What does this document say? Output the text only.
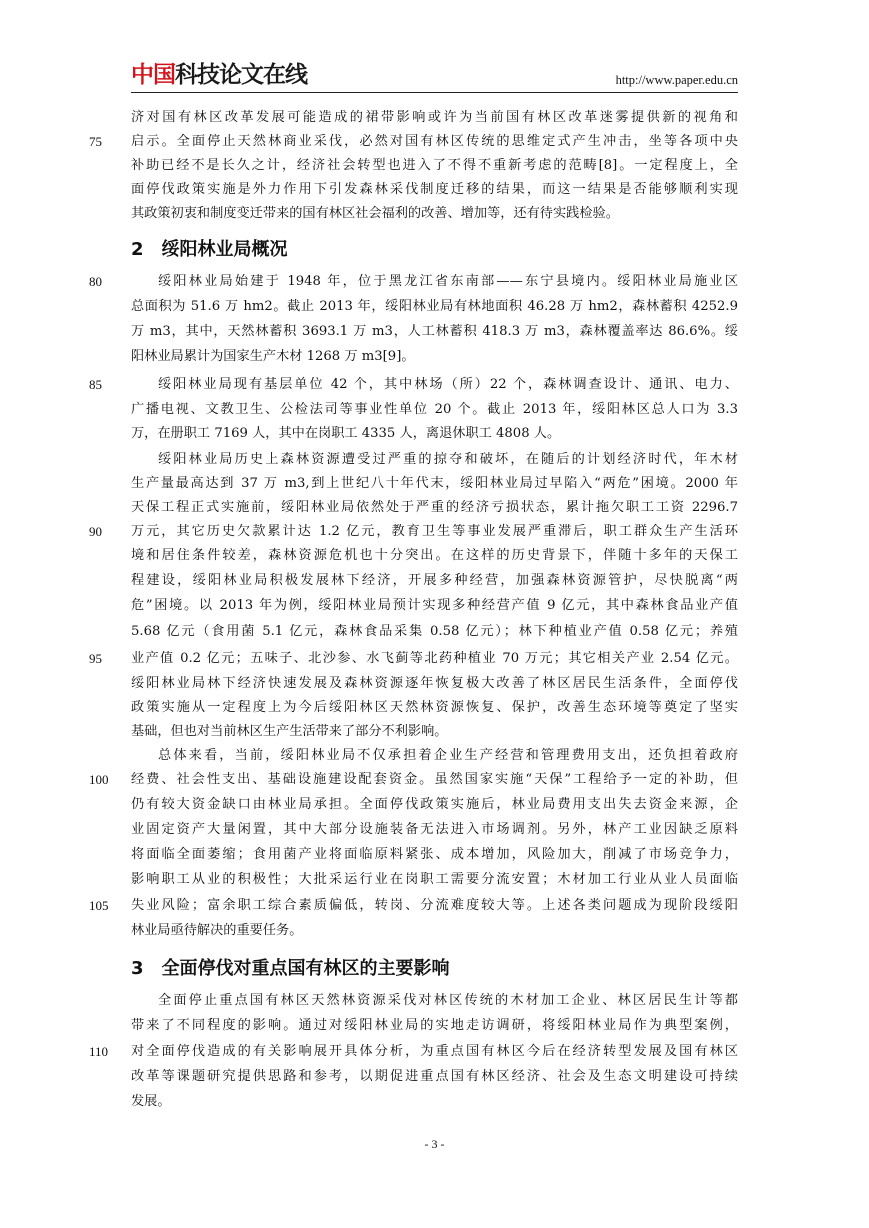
中国科技论文在线	http://www.paper.edu.cn
75
80
85
90
95
100
105
110
济对国有林区改革发展可能造成的裙带影响或许为当前国有林区改革迷雾提供新的视角和
启示。全面停止天然林商业采伐，必然对国有林区传统的思维定式产生冲击，坐等各项中央
补助已经不是长久之计，经济社会转型也进入了不得不重新考虑的范畴[8]。一定程度上，全
面停伐政策实施是外力作用下引发森林采伐制度迁移的结果，而这一结果是否能够顺利实现
其政策初衷和制度变迁带来的国有林区社会福利的改善、增加等，还有待实践检验。
2　绥阳林业局概况
绥阳林业局始建于 1948 年，位于黑龙江省东南部——东宁县境内。绥阳林业局施业区
总面积为 51.6 万 hm2。截止 2013 年，绥阳林业局有林地面积 46.28 万 hm2，森林蓄积 4252.9
万 m3，其中，天然林蓄积 3693.1 万 m3，人工林蓄积 418.3 万 m3，森林覆盖率达 86.6%。绥
阳林业局累计为国家生产木材 1268 万 m3[9]。
绥阳林业局现有基层单位 42 个，其中林场（所）22 个，森林调查设计、通讯、电力、
广播电视、文教卫生、公检法司等事业性单位 20 个。截止 2013 年，绥阳林区总人口为 3.3
万，在册职工 7169 人，其中在岗职工 4335 人，离退休职工 4808 人。
绥阳林业局历史上森林资源遭受过严重的掠夺和破坏，在随后的计划经济时代，年木材
生产量最高达到 37 万 m3,到上世纪八十年代末，绥阳林业局过早陷入“两危”困境。2000 年
天保工程正式实施前，绥阳林业局依然处于严重的经济亏损状态，累计拖欠职工工资 2296.7
万元，其它历史欠款累计达 1.2 亿元，教育卫生等事业发展严重滞后，职工群众生产生活环
境和居住条件较差，森林资源危机也十分突出。在这样的历史背景下，伴随十多年的天保工
程建设，绥阳林业局积极发展林下经济，开展多种经营，加强森林资源管护，尽快脱离“两
危”困境。以 2013 年为例，绥阳林业局预计实现多种经营产值 9 亿元，其中森林食品业产值
5.68 亿元（食用菌 5.1 亿元，森林食品采集 0.58 亿元）；林下种植业产值 0.58 亿元；养殖
业产值 0.2 亿元；五味子、北沙参、水飞蓟等北药种植业 70 万元；其它相关产业 2.54 亿元。
绥阳林业局林下经济快速发展及森林资源逐年恢复极大改善了林区居民生活条件，全面停伐
政策实施从一定程度上为今后绥阳林区天然林资源恢复、保护，改善生态环境等奠定了坚实
基础，但也对当前林区生产生活带来了部分不利影响。
总体来看，当前，绥阳林业局不仅承担着企业生产经营和管理费用支出，还负担着政府
经费、社会性支出、基础设施建设配套资金。虽然国家实施“天保”工程给予一定的补助，但
仍有较大资金缺口由林业局承担。全面停伐政策实施后，林业局费用支出失去资金来源，企
业固定资产大量闲置，其中大部分设施装备无法进入市场调剂。另外，林产工业因缺乏原料
将面临全面萎缩；食用菌产业将面临原料紧张、成本增加，风险加大，削减了市场竞争力，
影响职工从业的积极性；大批采运行业在岗职工需要分流安置；木材加工行业从业人员面临
失业风险；富余职工综合素质偏低，转岗、分流难度较大等。上述各类问题成为现阶段绥阳
林业局亟待解决的重要任务。
3　全面停伐对重点国有林区的主要影响
全面停止重点国有林区天然林资源采伐对林区传统的木材加工企业、林区居民生计等都
带来了不同程度的影响。通过对绥阳林业局的实地走访调研，将绥阳林业局作为典型案例，
对全面停伐造成的有关影响展开具体分析，为重点国有林区今后在经济转型发展及国有林区
改革等课题研究提供思路和参考，以期促进重点国有林区经济、社会及生态文明建设可持续
发展。
- 3 -
